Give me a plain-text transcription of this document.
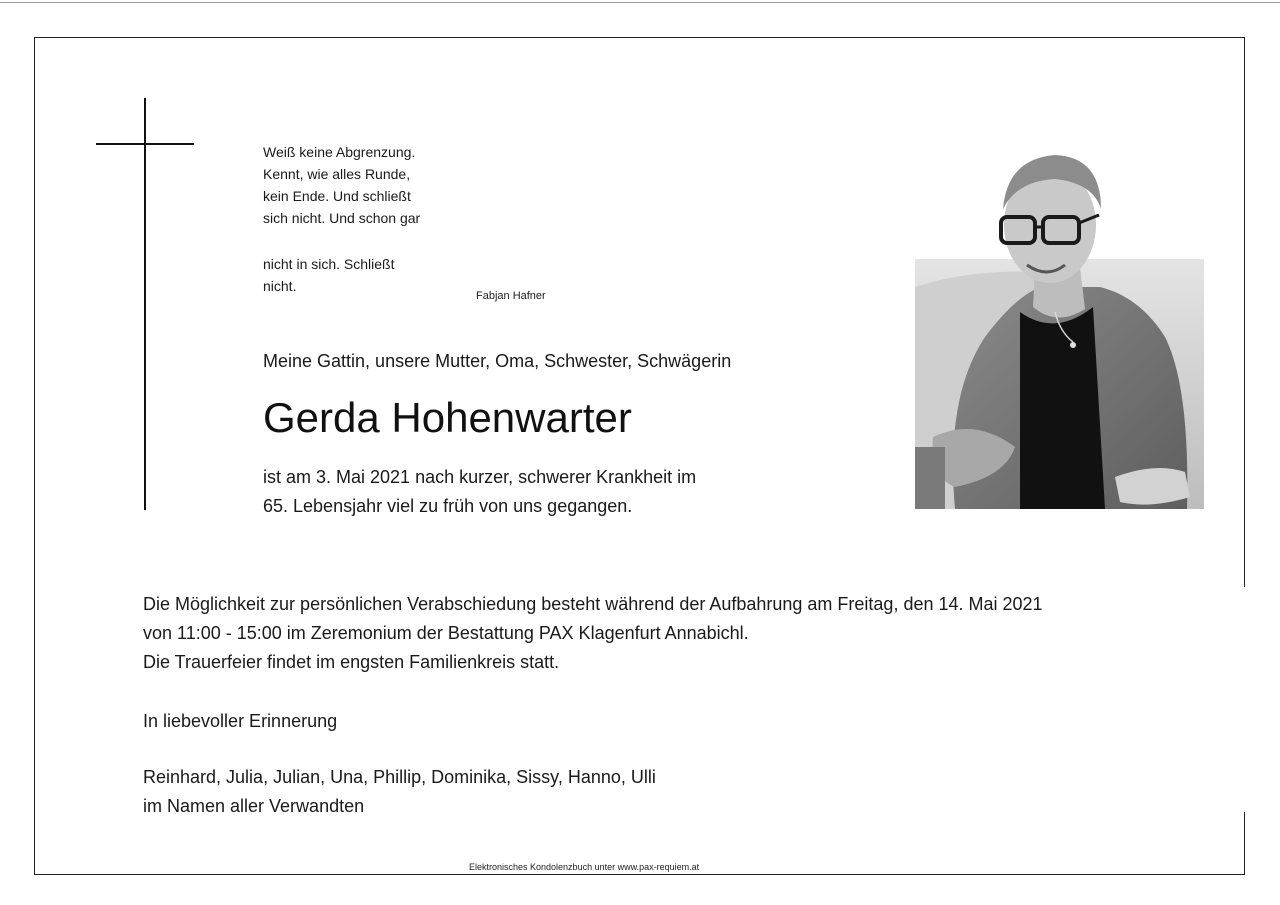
Weiß keine Abgrenzung.
Kennt, wie alles Runde,
kein Ende. Und schließt
sich nicht. Und schon gar
nicht in sich. Schließt
nicht.
Fabjan Hafner
Meine Gattin, unsere Mutter, Oma, Schwester, Schwägerin
Gerda Hohenwarter
ist am 3. Mai 2021 nach kurzer, schwerer Krankheit im
65. Lebensjahr viel zu früh von uns gegangen.
Die Möglichkeit zur persönlichen Verabschiedung besteht während der Aufbahrung am Freitag, den 14. Mai 2021
von 11:00 - 15:00 im Zeremonium der Bestattung PAX Klagenfurt Annabichl.
Die Trauerfeier findet im engsten Familienkreis statt.
In liebevoller Erinnerung
Reinhard, Julia, Julian, Una, Phillip, Dominika, Sissy, Hanno, Ulli
im Namen aller Verwandten
Elektronisches Kondolenzbuch unter www.pax-requiem.at
